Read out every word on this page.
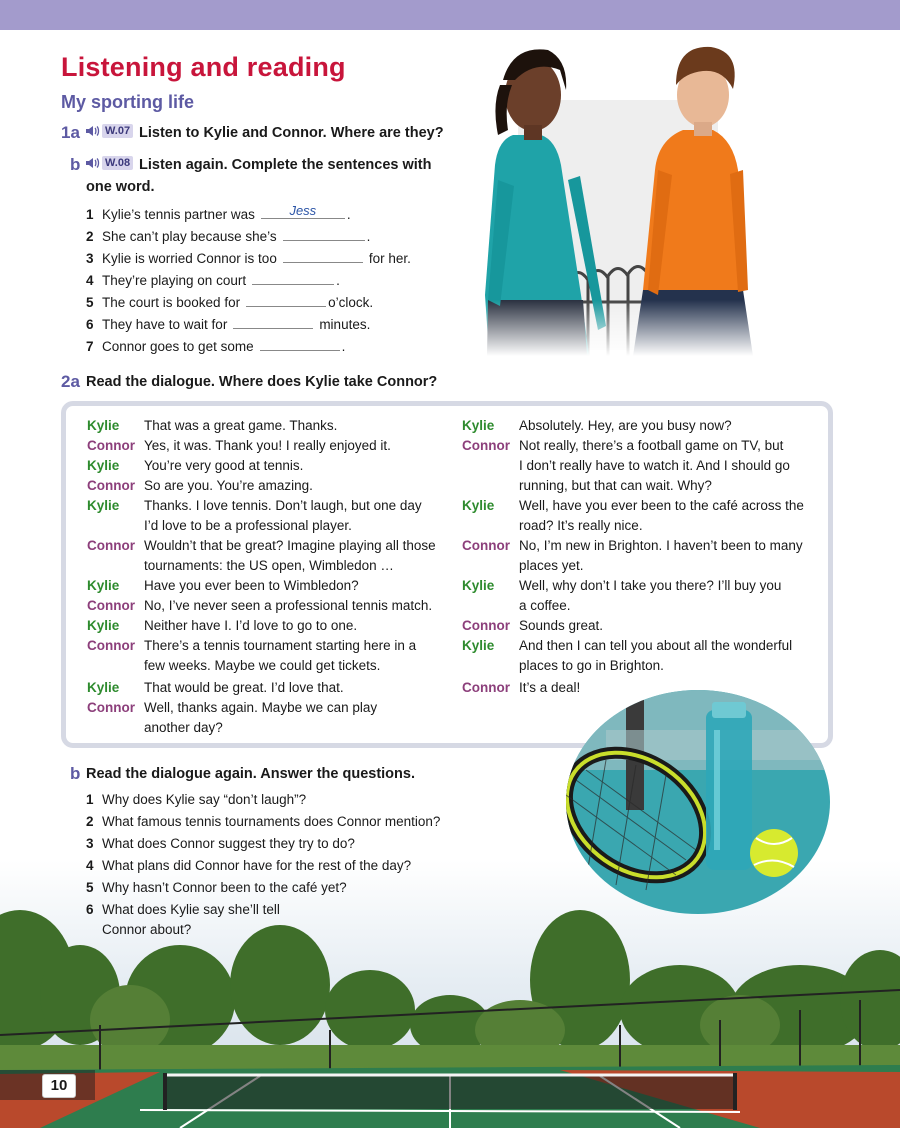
Listening and reading
My sporting life
1a W.07 Listen to Kylie and Connor. Where are they?
b W.08 Listen again. Complete the sentences with
one word.
1 Kylie’s tennis partner was	Jess	.
2 She can’t play because she’s	.
3 Kylie is worried Connor is too	for her.
4 They’re playing on court	.
5 The court is booked for	o’clock.
6 They have to wait for	minutes.
7 Connor goes to get some	.
2a Read the dialogue. Where does Kylie take Connor?
Kylie That was a great game. Thanks.
Connor Yes, it was. Thank you! I really enjoyed it.
Kylie You’re very good at tennis.
Connor So are you. You’re amazing.
Kylie Thanks. I love tennis. Don’t laugh, but one day
I’d love to be a professional player.
Connor Wouldn’t that be great? Imagine playing all those
tournaments: the US open, Wimbledon …
Kylie Have you ever been to Wimbledon?
Connor No, I’ve never seen a professional tennis match.
Kylie Neither have I. I’d love to go to one.
Connor There’s a tennis tournament starting here in a
few weeks. Maybe we could get tickets.
Kylie That would be great. I’d love that.
Connor Well, thanks again. Maybe we can play
another day?
Kylie Absolutely. Hey, are you busy now?
Connor Not really, there’s a football game on TV, but
I don’t really have to watch it. And I should go
running, but that can wait. Why?
Kylie Well, have you ever been to the café across the
road? It’s really nice.
Connor No, I’m new in Brighton. I haven’t been to many
places yet.
Kylie Well, why don’t I take you there? I’ll buy you
a coffee.
Connor Sounds great.
Kylie And then I can tell you about all the wonderful
places to go in Brighton.
Connor It’s a deal!
b Read the dialogue again. Answer the questions.
1 Why does Kylie say “don’t laugh”?
2 What famous tennis tournaments does Connor mention?
3 What does Connor suggest they try to do?
4 What plans did Connor have for the rest of the day?
5 Why hasn’t Connor been to the café yet?
6 What does Kylie say she’ll tell
Connor about?
10
